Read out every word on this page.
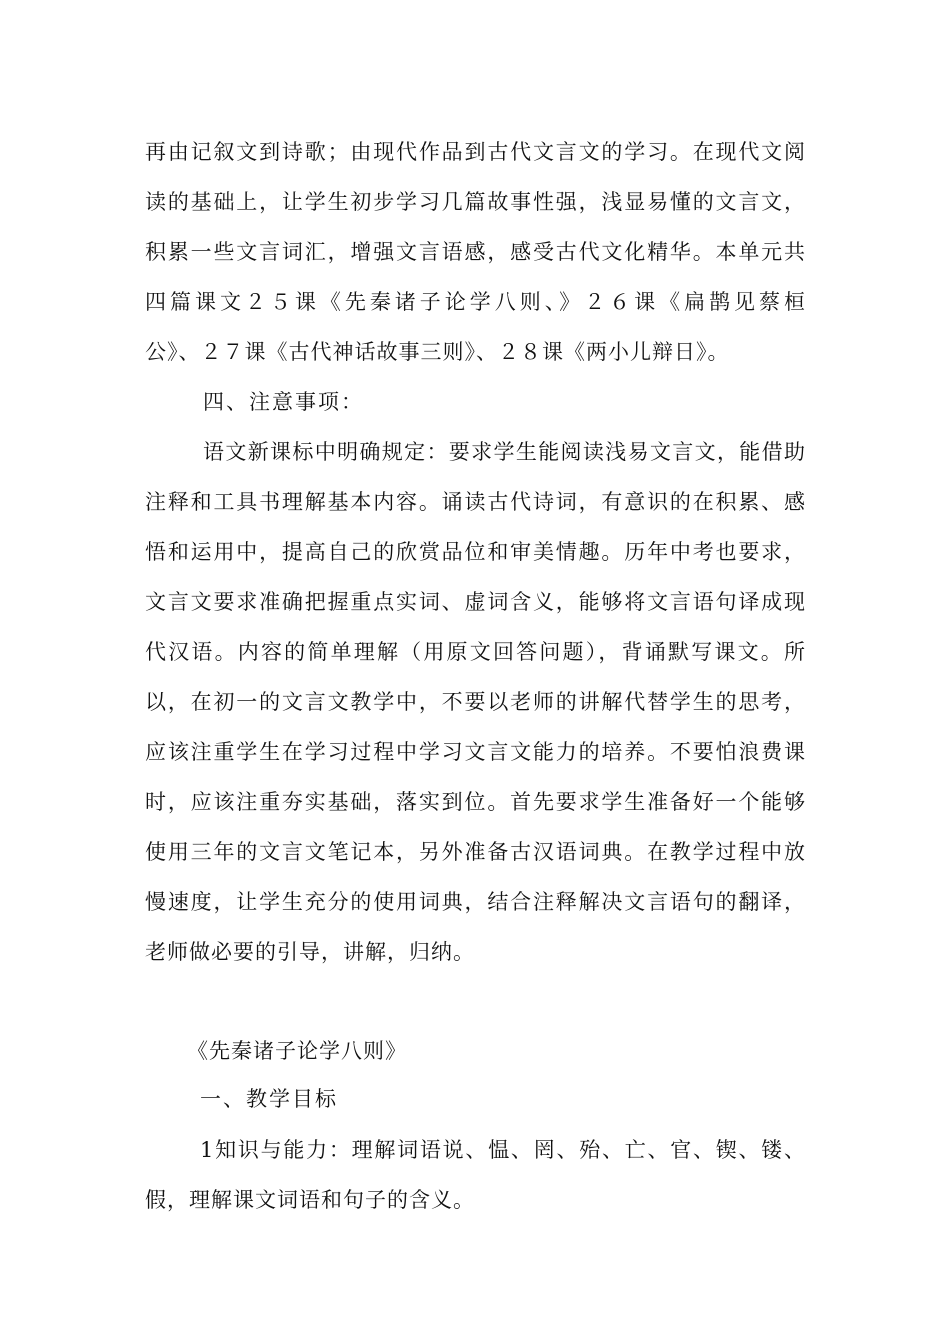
再由记叙文到诗歌；由现代作品到古代文言文的学习。在现代文阅
读的基础上，让学生初步学习几篇故事性强，浅显易懂的文言文，
积累一些文言词汇，增强文言语感，感受古代文化精华。本单元共
四篇课文２５课《先秦诸子论学八则、》２６课《扁鹊见蔡桓
公》、２７课《古代神话故事三则》、２８课《两小儿辩日》。
四、注意事项：
语文新课标中明确规定：要求学生能阅读浅易文言文，能借助
注释和工具书理解基本内容。诵读古代诗词，有意识的在积累、感
悟和运用中，提高自己的欣赏品位和审美情趣。历年中考也要求，
文言文要求准确把握重点实词、虚词含义，能够将文言语句译成现
代汉语。内容的简单理解（用原文回答问题），背诵默写课文。所
以，在初一的文言文教学中，不要以老师的讲解代替学生的思考，
应该注重学生在学习过程中学习文言文能力的培养。不要怕浪费课
时，应该注重夯实基础，落实到位。首先要求学生准备好一个能够
使用三年的文言文笔记本，另外准备古汉语词典。在教学过程中放
慢速度，让学生充分的使用词典，结合注释解决文言语句的翻译，
老师做必要的引导，讲解，归纳。
《先秦诸子论学八则》
一、教学目标
1知识与能力：理解词语说、愠、罔、殆、亡、官、锲、镂、
假，理解课文词语和句子的含义。
